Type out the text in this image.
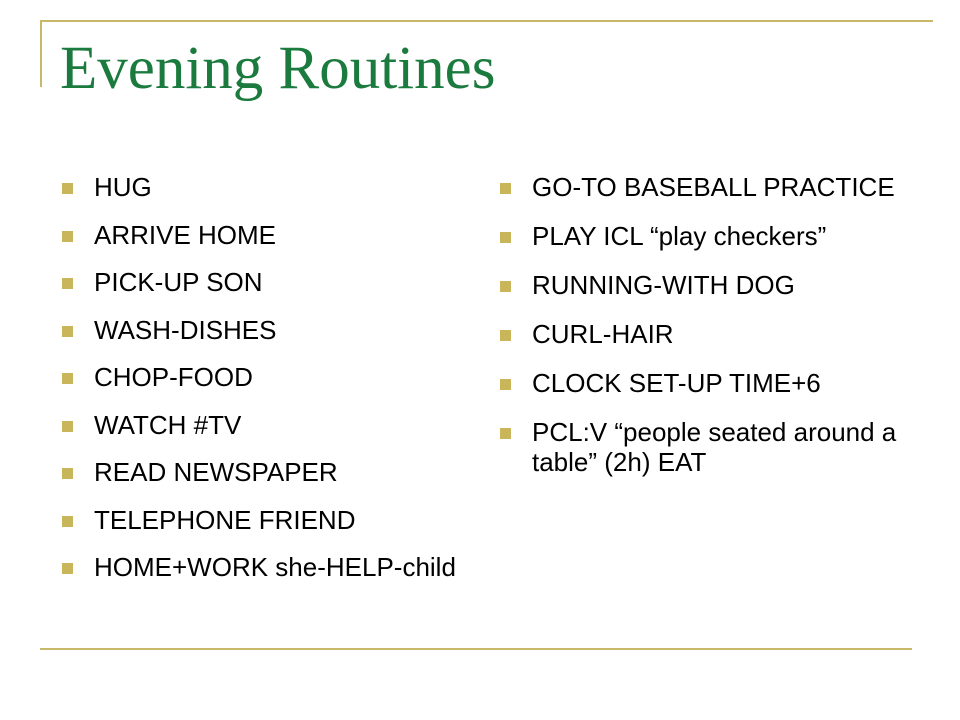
Evening Routines
HUG
ARRIVE HOME
PICK-UP SON
WASH-DISHES
CHOP-FOOD
WATCH #TV
READ NEWSPAPER
TELEPHONE FRIEND
HOME+WORK she-HELP-child
GO-TO BASEBALL PRACTICE
PLAY ICL “play checkers”
RUNNING-WITH DOG
CURL-HAIR
CLOCK SET-UP TIME+6
PCL:V “people seated around a table” (2h) EAT
